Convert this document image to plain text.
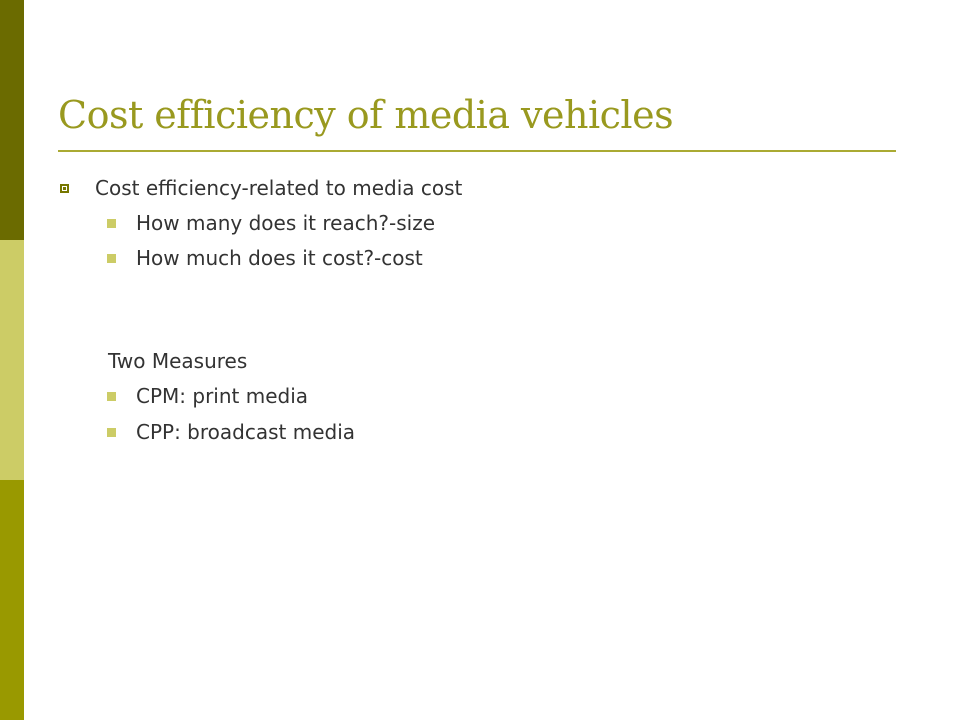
Cost efficiency of media vehicles
Cost efficiency-related to media cost
How many does it reach?-size
How much does it cost?-cost
Two Measures
CPM: print media
CPP: broadcast media
